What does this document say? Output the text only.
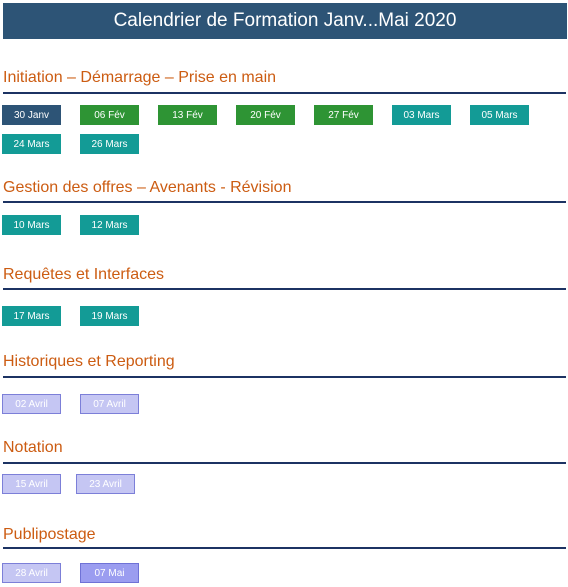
Calendrier de Formation Janv...Mai 2020
Initiation – Démarrage – Prise en main
30 Janv	06 Fév	13 Fév	20 Fév	27 Fév	03 Mars	05 Mars
24 Mars	26 Mars
Gestion des offres – Avenants - Révision
10 Mars	12 Mars
Requêtes et Interfaces
17 Mars	19 Mars
Historiques et Reporting
02 Avril	07 Avril
Notation
15 Avril	23 Avril
Publipostage
28 Avril	07 Mai
